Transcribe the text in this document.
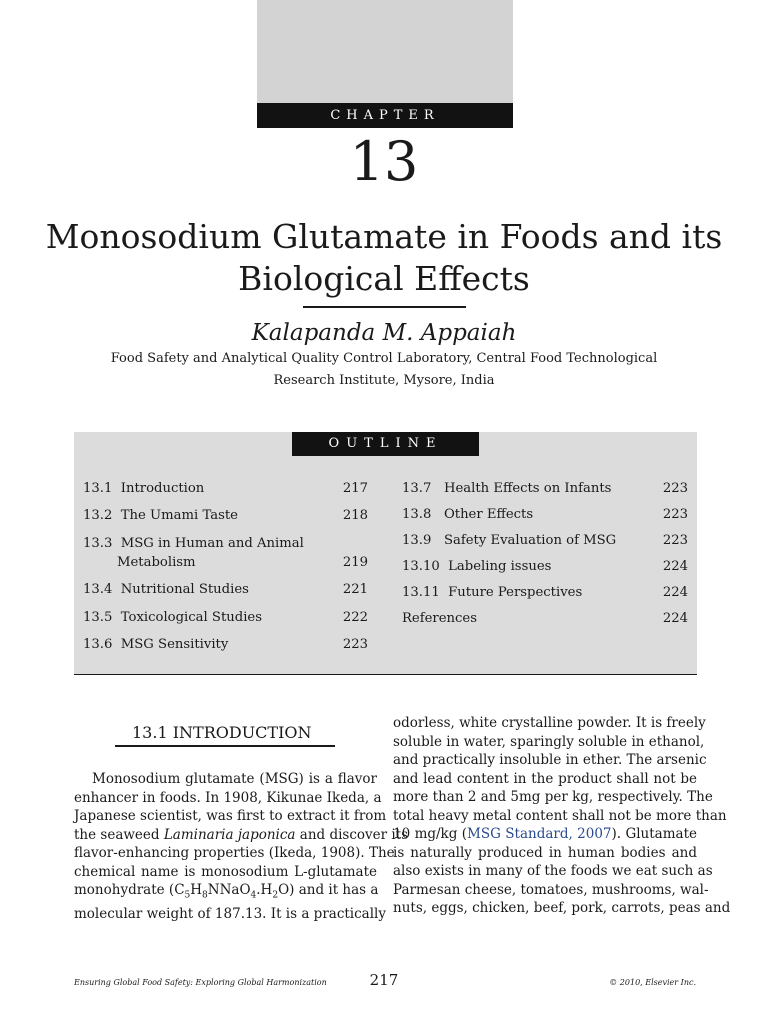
CHAPTER
13
Monosodium Glutamate in Foods and its
Biological Effects
Kalapanda M. Appaiah
Food Safety and Analytical Quality Control Laboratory, Central Food Technological
Research Institute, Mysore, India
OUTLINE
13.1 Introduction	217
13.2 The Umami Taste	218
13.3 MSG in Human and Animal
Metabolism	219
13.4 Nutritional Studies	221
13.5 Toxicological Studies	222
13.6 MSG Sensitivity	223
13.7 Health Effects on Infants	223
13.8 Other Effects	223
13.9 Safety Evaluation of MSG	223
13.10 Labeling issues	224
13.11 Future Perspectives	224
References	224
13.1 INTRODUCTION
Monosodium glutamate (MSG) is a flavor
enhancer in foods. In 1908, Kikunae Ikeda, a
Japanese scientist, was first to extract it from
the seaweed Laminaria japonica and discover its
flavor-enhancing properties (Ikeda, 1908). The
chemical name is monosodium L-glutamate
monohydrate $(C_5H_8NNaO_4.H_2O)$ and it has a
molecular weight of 187.13. It is a practically
odorless, white crystalline powder. It is freely
soluble in water, sparingly soluble in ethanol,
and practically insoluble in ether. The arsenic
and lead content in the product shall not be
more than 2 and 5mg per kg, respectively. The
total heavy metal content shall not be more than
10 mg/kg (MSG Standard, 2007). Glutamate
is naturally produced in human bodies and
also exists in many of the foods we eat such as
Parmesan cheese, tomatoes, mushrooms, wal-
nuts, eggs, chicken, beef, pork, carrots, peas and
Ensuring Global Food Safety: Exploring Global Harmonization	217	© 2010, Elsevier Inc.
